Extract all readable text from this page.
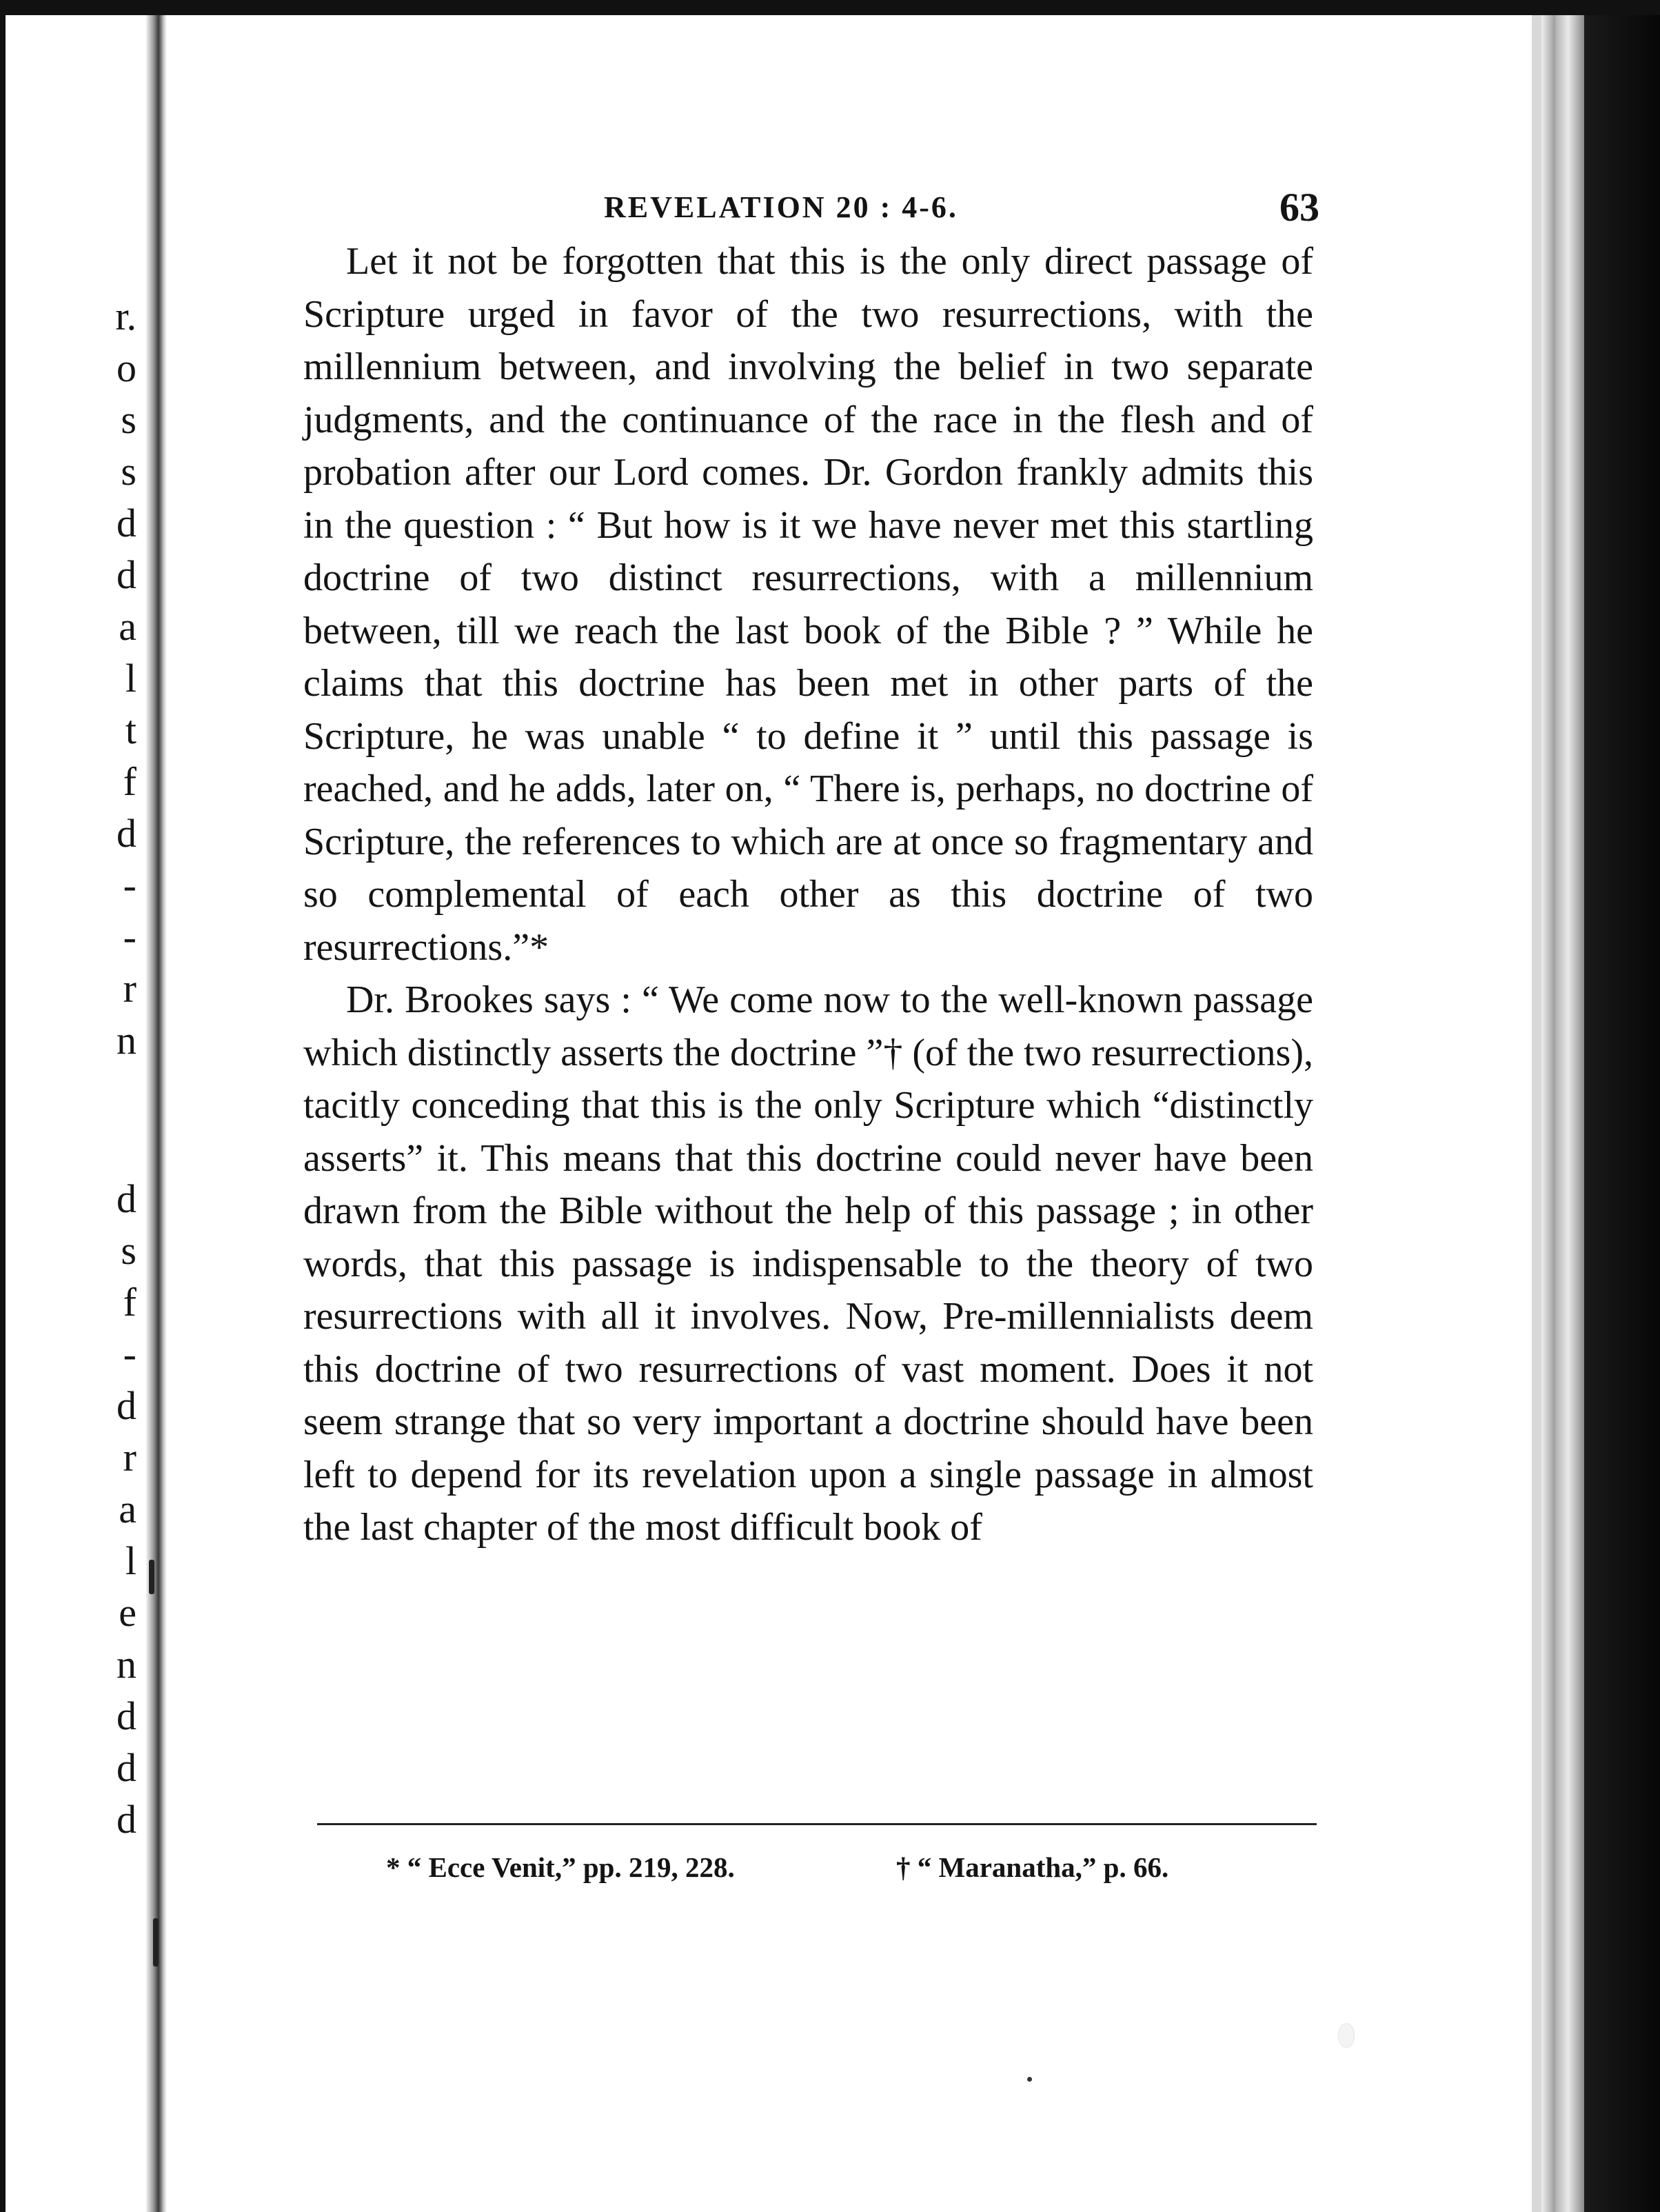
r.
o
s
s
d
d
a
l
t
f
d
-
-
r
n
d
s
f
-
d
r
a
l
e
n
d
d
d
REVELATION 20 : 4-6.	63

Let it not be forgotten that this is the only direct passage of Scripture urged in favor of the two resurrections, with the millennium between, and involving the belief in two separate judgments, and the continuance of the race in the flesh and of probation after our Lord comes. Dr. Gordon frankly admits this in the question : “ But how is it we have never met this startling doctrine of two distinct resurrections, with a millennium between, till we reach the last book of the Bible ? ” While he claims that this doctrine has been met in other parts of the Scripture, he was unable “ to define it ” until this passage is reached, and he adds, later on, “ There is, perhaps, no doctrine of Scripture, the references to which are at once so fragmentary and so complemental of each other as this doctrine of two resurrections.”*

Dr. Brookes says : “ We come now to the well-known passage which distinctly asserts the doctrine ”† (of the two resurrections), tacitly conceding that this is the only Scripture which “distinctly asserts” it. This means that this doctrine could never have been drawn from the Bible without the help of this passage ; in other words, that this passage is indispensable to the theory of two resurrections with all it involves. Now, Pre-millennialists deem this doctrine of two resurrections of vast moment. Does it not seem strange that so very important a doctrine should have been left to depend for its revelation upon a single passage in almost the last chapter of the most difficult book of

* “ Ecce Venit,” pp. 219, 228.	† “ Maranatha,” p. 66.
